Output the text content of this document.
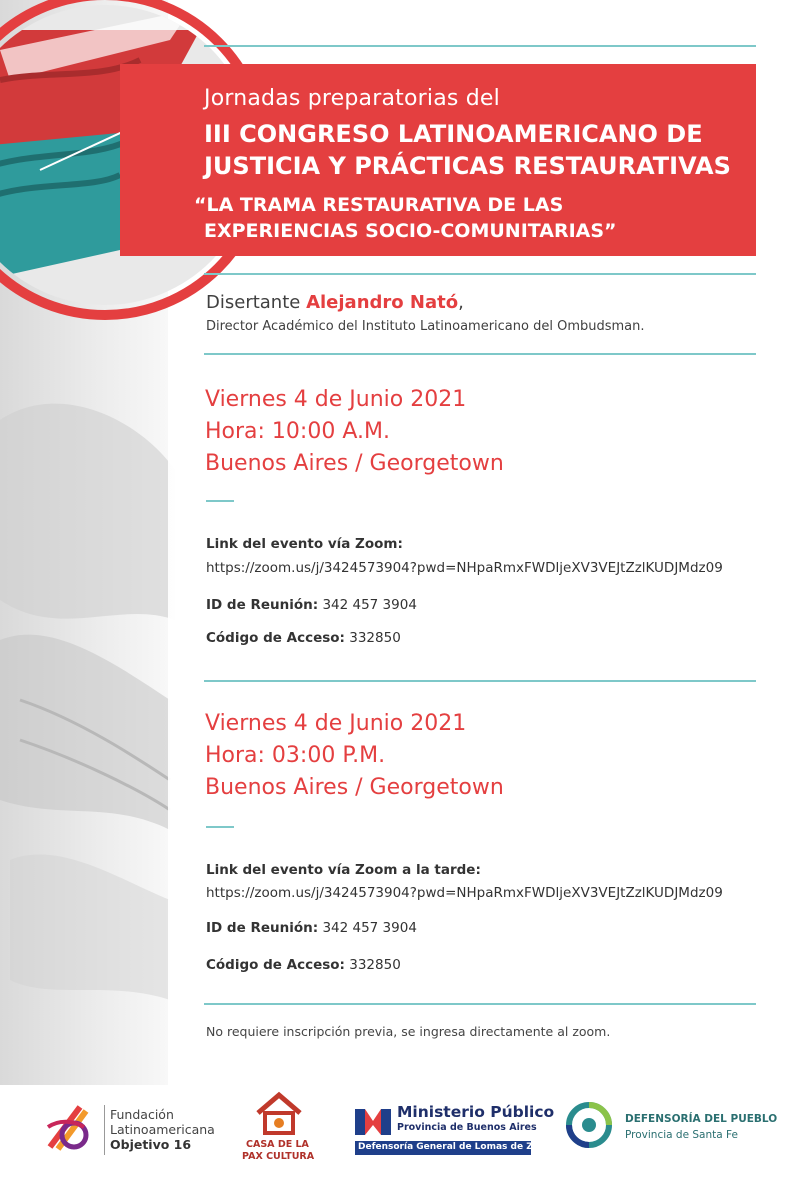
Jornadas preparatorias del
III CONGRESO LATINOAMERICANO DE
JUSTICIA Y PRÁCTICAS RESTAURATIVAS
“LA TRAMA RESTAURATIVA DE LAS
EXPERIENCIAS SOCIO-COMUNITARIAS”
Disertante Alejandro Nató,
Director Académico del Instituto Latinoamericano del Ombudsman.
Viernes 4 de Junio 2021
Hora: 10:00 A.M.
Buenos Aires / Georgetown
Link del evento vía Zoom:
https://zoom.us/j/3424573904?pwd=NHpaRmxFWDljeXV3VEJtZzlKUDJMdz09
ID de Reunión: 342 457 3904
Código de Acceso: 332850
Viernes 4 de Junio 2021
Hora: 03:00 P.M.
Buenos Aires / Georgetown
Link del evento vía Zoom a la tarde:
https://zoom.us/j/3424573904?pwd=NHpaRmxFWDljeXV3VEJtZzlKUDJMdz09
ID de Reunión: 342 457 3904
Código de Acceso: 332850
No requiere inscripción previa, se ingresa directamente al zoom.
Fundación
Latinoamericana
Objetivo 16	CASA DE LA
PAX CULTURA
Ministerio Público
Provincia de Buenos Aires
Defensoría General de Lomas de Zamora
DEFENSORÍA DEL PUEBLO
Provincia de Santa Fe
